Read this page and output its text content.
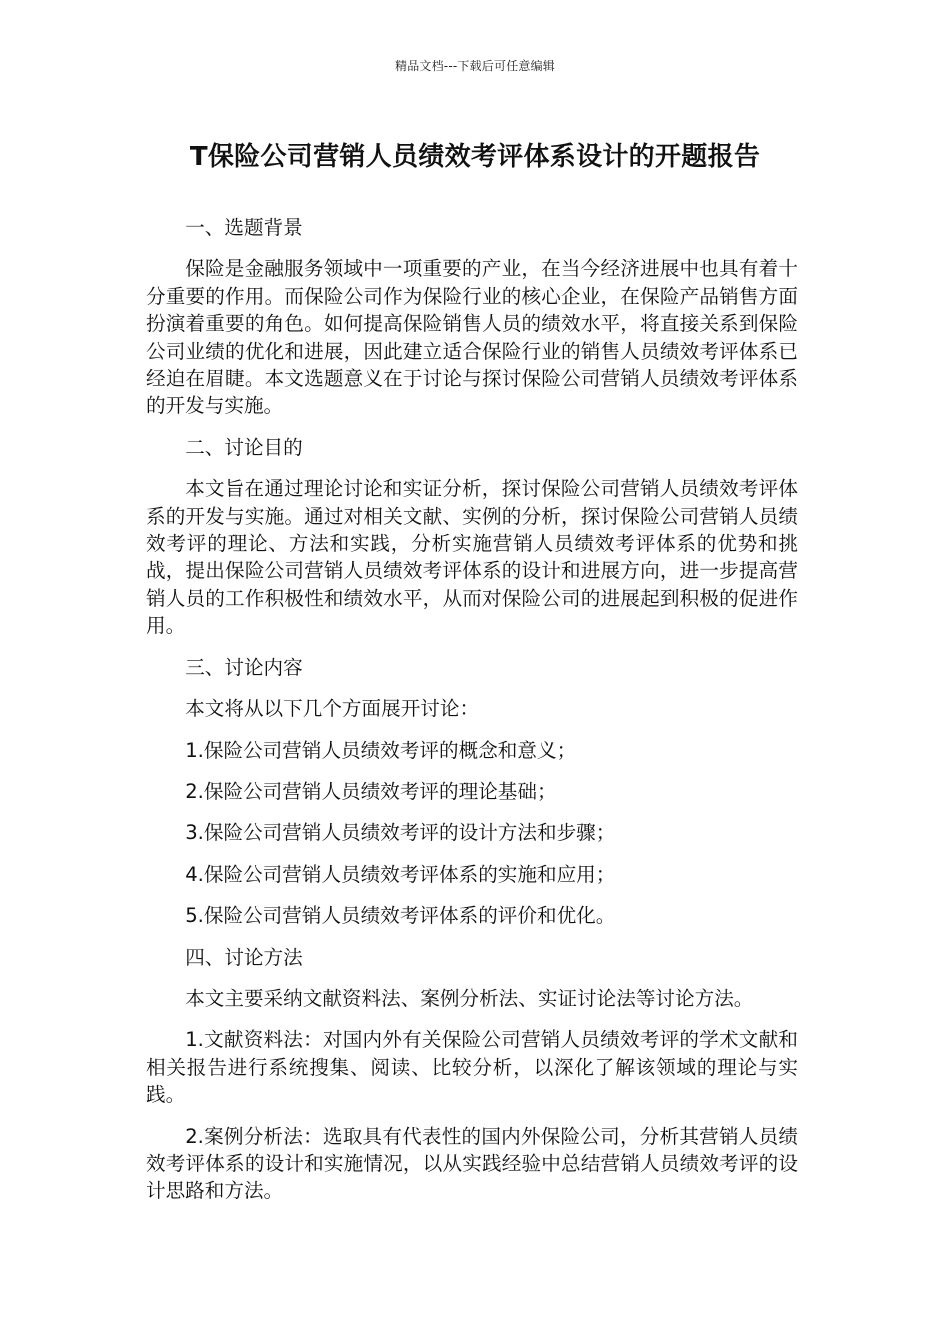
精品文档---下载后可任意编辑
T保险公司营销人员绩效考评体系设计的开题报告

一、选题背景

保险是金融服务领域中一项重要的产业，在当今经济进展中也具有着十分重要的作用。而保险公司作为保险行业的核心企业，在保险产品销售方面扮演着重要的角色。如何提高保险销售人员的绩效水平，将直接关系到保险公司业绩的优化和进展，因此建立适合保险行业的销售人员绩效考评体系已经迫在眉睫。本文选题意义在于讨论与探讨保险公司营销人员绩效考评体系的开发与实施。

二、讨论目的

本文旨在通过理论讨论和实证分析，探讨保险公司营销人员绩效考评体系的开发与实施。通过对相关文献、实例的分析，探讨保险公司营销人员绩效考评的理论、方法和实践，分析实施营销人员绩效考评体系的优势和挑战，提出保险公司营销人员绩效考评体系的设计和进展方向，进一步提高营销人员的工作积极性和绩效水平，从而对保险公司的进展起到积极的促进作用。

三、讨论内容

本文将从以下几个方面展开讨论：

1.保险公司营销人员绩效考评的概念和意义；

2.保险公司营销人员绩效考评的理论基础；

3.保险公司营销人员绩效考评的设计方法和步骤；

4.保险公司营销人员绩效考评体系的实施和应用；

5.保险公司营销人员绩效考评体系的评价和优化。

四、讨论方法

本文主要采纳文献资料法、案例分析法、实证讨论法等讨论方法。

1.文献资料法：对国内外有关保险公司营销人员绩效考评的学术文献和相关报告进行系统搜集、阅读、比较分析，以深化了解该领域的理论与实践。

2.案例分析法：选取具有代表性的国内外保险公司，分析其营销人员绩效考评体系的设计和实施情况，以从实践经验中总结营销人员绩效考评的设计思路和方法。
